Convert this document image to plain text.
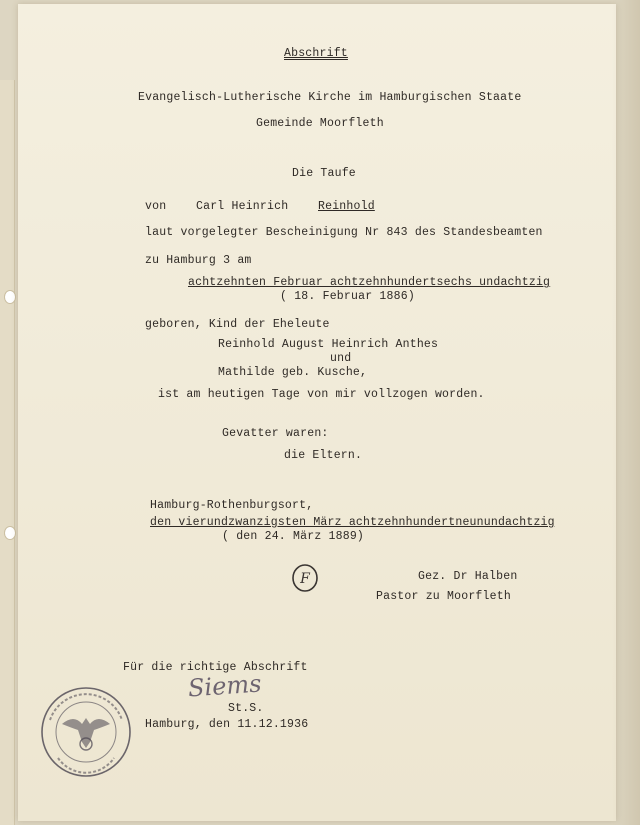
Abschrift
Evangelisch-Lutherische Kirche im Hamburgischen Staate
Gemeinde Moorfleth
Die Taufe
von	Carl Heinrich	Reinhold
laut vorgelegter Bescheinigung Nr 843 des Standesbeamten
zu Hamburg 3 am
achtzehnten Februar achtzehnhundertsechs undachtzig
( 18. Februar 1886)
geboren, Kind der Eheleute
Reinhold August Heinrich Anthes
und
Mathilde geb. Kusche,
ist am heutigen Tage von mir vollzogen worden.
Gevatter waren:
die Eltern.
Hamburg-Rothenburgsort,
den vierundzwanzigsten März achtzehnhundertneunundachtzig
( den 24. März 1889)
F	Gez. Dr Halben
Pastor zu Moorfleth
Für die richtige Abschrift
Siems
St.S.
Hamburg, den 11.12.1936
